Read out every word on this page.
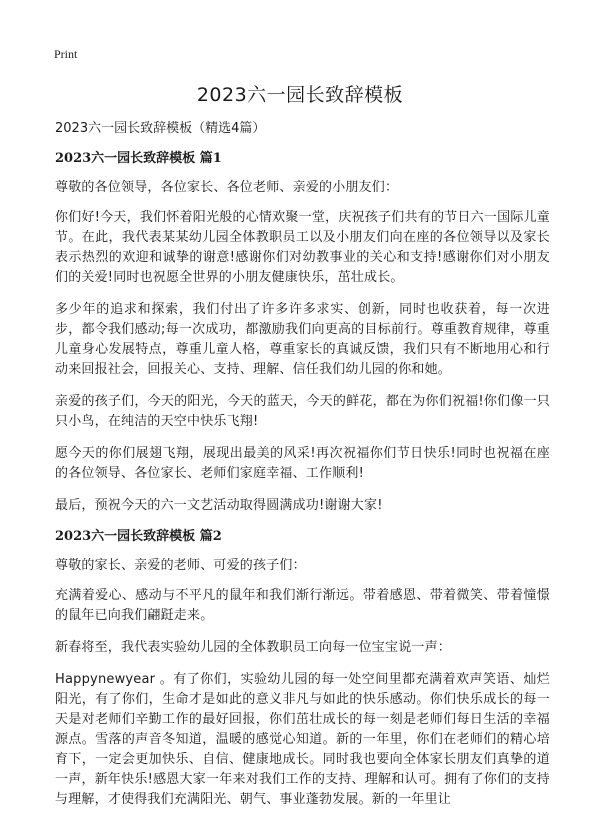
Print
2023六一园长致辞模板

2023六一园长致辞模板（精选4篇）

2023六一园长致辞模板 篇1

尊敬的各位领导，各位家长、各位老师、亲爱的小朋友们：

你们好!今天，我们怀着阳光般的心情欢聚一堂，庆祝孩子们共有的节日六一国际儿童节。在此，我代表某某幼儿园全体教职员工以及小朋友们向在座的各位领导以及家长表示热烈的欢迎和诚挚的谢意!感谢你们对幼教事业的关心和支持!感谢你们对小朋友们的关爱!同时也祝愿全世界的小朋友健康快乐，茁壮成长。

多少年的追求和探索，我们付出了许多许多求实、创新，同时也收获着，每一次进步，都令我们感动;每一次成功，都激励我们向更高的目标前行。尊重教育规律，尊重儿童身心发展特点，尊重儿童人格，尊重家长的真诚反馈，我们只有不断地用心和行动来回报社会，回报关心、支持、理解、信任我们幼儿园的你和她。

亲爱的孩子们，今天的阳光，今天的蓝天，今天的鲜花，都在为你们祝福!你们像一只只小鸟，在纯洁的天空中快乐飞翔!

愿今天的你们展翅飞翔，展现出最美的风采!再次祝福你们节日快乐!同时也祝福在座的各位领导、各位家长、老师们家庭幸福、工作顺利!

最后，预祝今天的六一文艺活动取得圆满成功!谢谢大家!

2023六一园长致辞模板 篇2

尊敬的家长、亲爱的老师、可爱的孩子们：

充满着爱心、感动与不平凡的鼠年和我们渐行渐远。带着感恩、带着微笑、带着憧憬的鼠年已向我们翩跹走来。

新春将至，我代表实验幼儿园的全体教职员工向每一位宝宝说一声：

Happynewyear 。有了你们，实验幼儿园的每一处空间里都充满着欢声笑语、灿烂阳光，有了你们，生命才是如此的意义非凡与如此的快乐感动。你们快乐成长的每一天是对老师们辛勤工作的最好回报，你们茁壮成长的每一刻是老师们每日生活的幸福源点。雪落的声音冬知道，温暖的感觉心知道。新的一年里，你们在老师们的精心培育下，一定会更加快乐、自信、健康地成长。同时我也要向全体家长朋友们真挚的道一声，新年快乐!感恩大家一年来对我们工作的支持、理解和认可。拥有了你们的支持与理解，才使得我们充满阳光、朝气、事业蓬勃发展。新的一年里让
